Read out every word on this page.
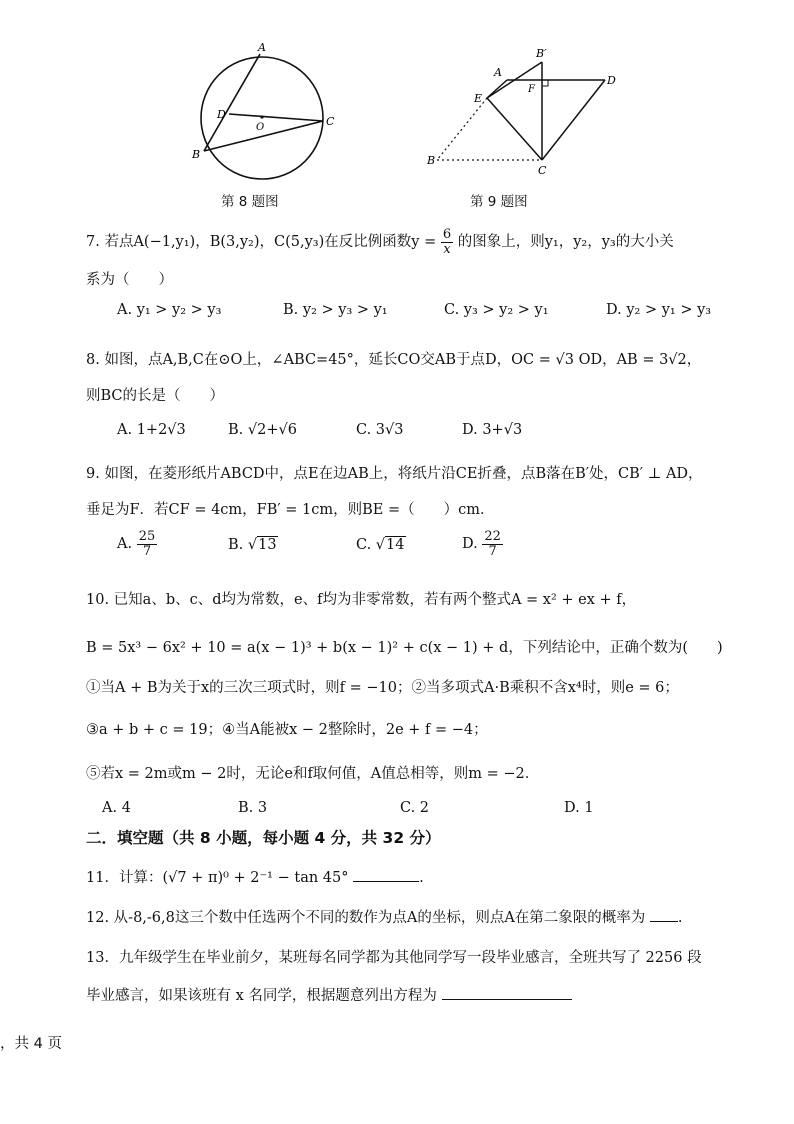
A
B
C
D
O
第 8 题图
A
B′
D
E
F
B
C
第 9 题图
7. 若点A(−1,y₁)，B(3,y₂)，C(5,y₃)在反比例函数$y = \frac{6}{x}$ 的图象上，则y₁，y₂，y₃的大小关
系为（　　）
A. y₁ > y₂ > y₃	B. y₂ > y₃ > y₁	C. y₃ > y₂ > y₁	D. y₂ > y₁ > y₃
8. 如图，点A,B,C在⊙O上，∠ABC=45°，延长CO交AB于点D，OC = √3 OD，AB = 3√2，
则BC的长是（　　）
A. 1+2√3	B. √2+√6	C. 3√3	D. 3+√3
9. 如图，在菱形纸片ABCD中，点E在边AB上，将纸片沿CE折叠，点B落在B′处，CB′ ⊥ AD，
垂足为F．若CF = 4cm，FB′ = 1cm，则BE =（　　）cm．
A. $\frac{25}{7}$	B. √13	C. √14	D. $\frac{22}{7}$
10. 已知a、b、c、d均为常数，e、f均为非零常数，若有两个整式A = x² + ex + f，
B = 5x³ − 6x² + 10 = a(x − 1)³ + b(x − 1)² + c(x − 1) + d，下列结论中，正确个数为(　　)
①当A + B为关于x的三次三项式时，则f = −10；②当多项式A·B乘积不含x⁴时，则e = 6；
③a + b + c = 19；④当A能被x − 2整除时，2e + f = −4；
⑤若x = 2m或m − 2时，无论e和f取何值，A值总相等，则m = −2．
A. 4	B. 3	C. 2	D. 1
二．填空题（共 8 小题，每小题 4 分，共 32 分）
11．计算：(√7 + π)⁰ + 2⁻¹ − tan 45°	.
12. 从-8,-6,8这三个数中任选两个不同的数作为点A的坐标，则点A在第二象限的概率为 .
13．九年级学生在毕业前夕，某班每名同学都为其他同学写一段毕业感言，全班共写了 2256 段
毕业感言，如果该班有 x 名同学，根据题意列出方程为
，共 4 页
